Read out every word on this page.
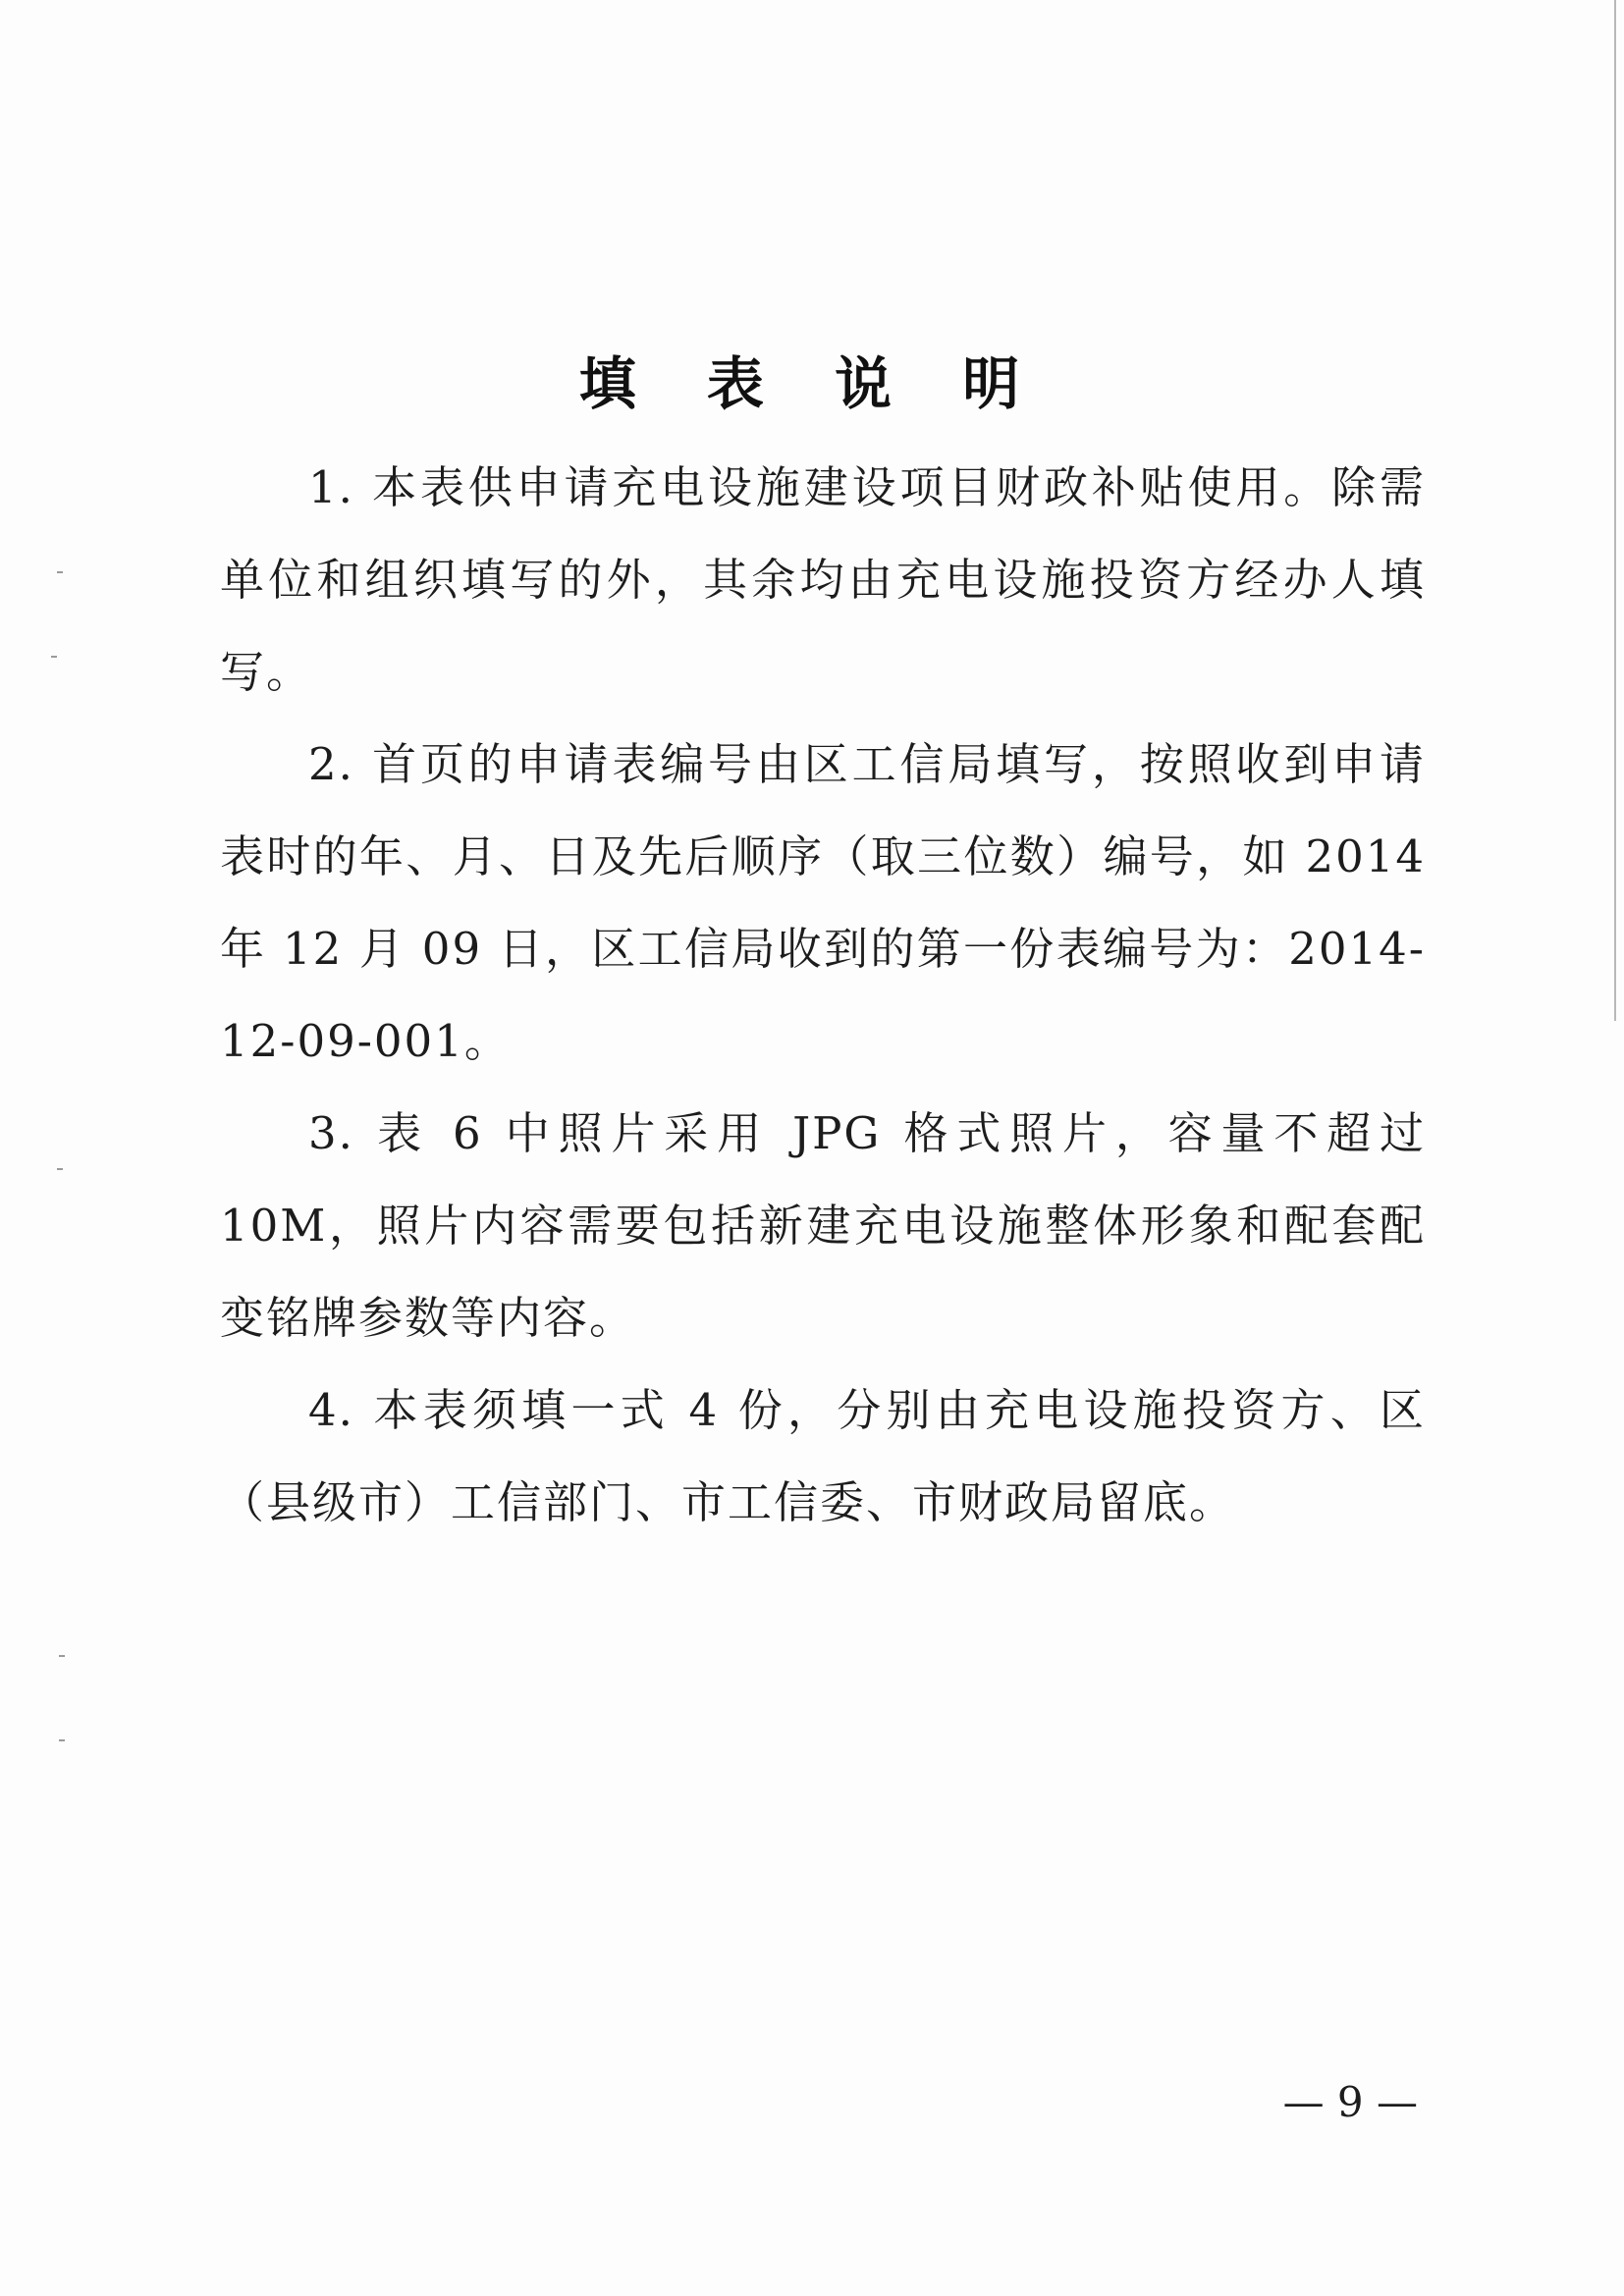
填 表 说 明

1. 本表供申请充电设施建设项目财政补贴使用。除需单位和组织填写的外，其余均由充电设施投资方经办人填写。

2. 首页的申请表编号由区工信局填写，按照收到申请表时的年、月、日及先后顺序（取三位数）编号，如 2014 年 12 月 09 日，区工信局收到的第一份表编号为：2014-12-09-001。

3. 表 6 中照片采用 JPG 格式照片，容量不超过 10M，照片内容需要包括新建充电设施整体形象和配套配变铭牌参数等内容。

4. 本表须填一式 4 份，分别由充电设施投资方、区（县级市）工信部门、市工信委、市财政局留底。

— 9 —
